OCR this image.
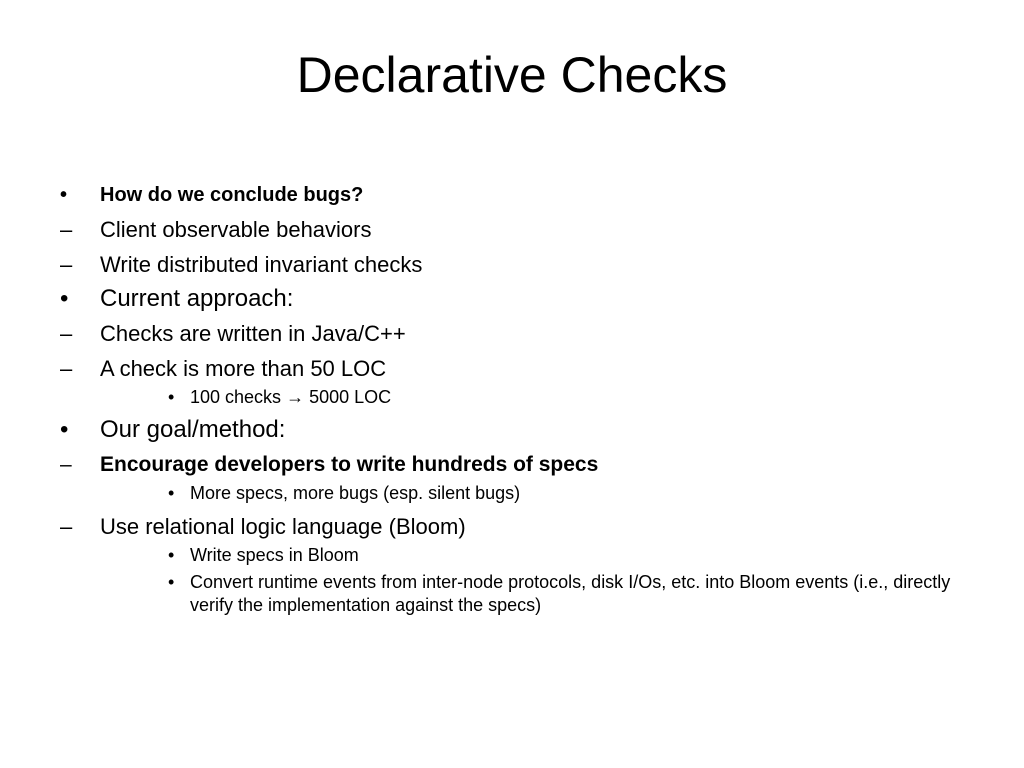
Declarative Checks
• How do we conclude bugs?
– Client observable behaviors
– Write distributed invariant checks
• Current approach:
– Checks are written in Java/C++
– A check is more than 50 LOC
• 100 checks → 5000 LOC
• Our goal/method:
– Encourage developers to write hundreds of specs
• More specs, more bugs (esp. silent bugs)
– Use relational logic language (Bloom)
• Write specs in Bloom
• Convert runtime events from inter-node protocols, disk I/Os, etc. into Bloom events (i.e., directly verify the implementation against the specs)
